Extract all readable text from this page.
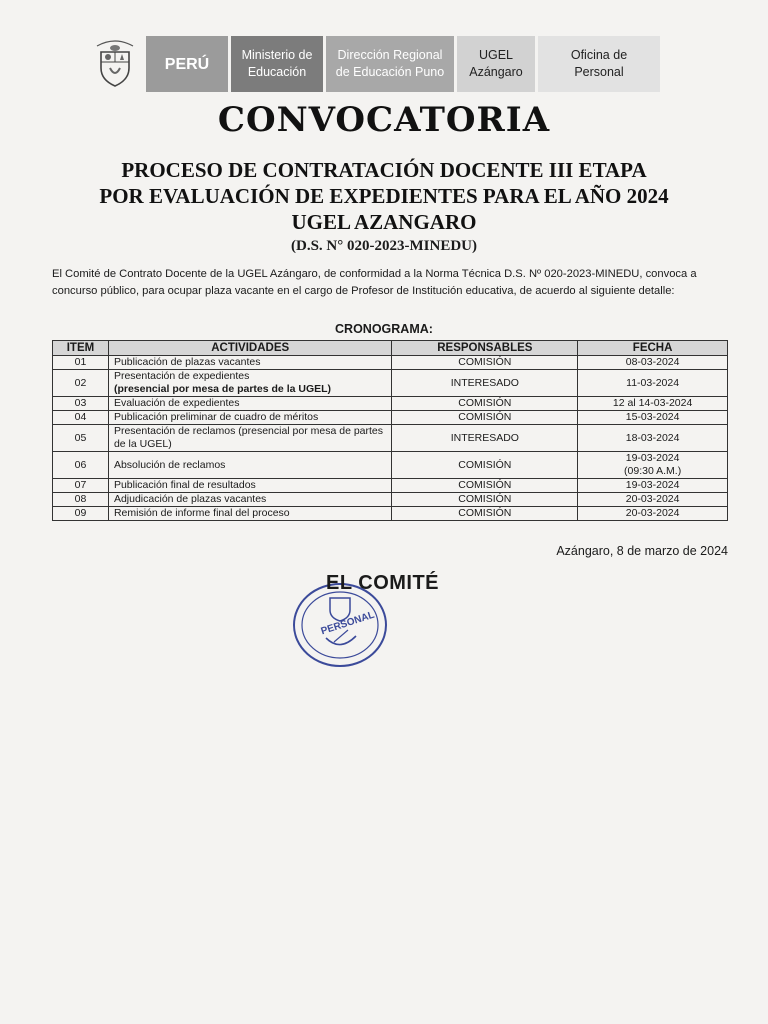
PERÚ
Ministerio de
Educación
Dirección Regional
de Educación Puno
UGEL
Azángaro
Oficina de
Personal
CONVOCATORIA
PROCESO DE CONTRATACIÓN DOCENTE III ETAPA
POR EVALUACIÓN DE EXPEDIENTES PARA EL AÑO 2024
UGEL AZANGARO
(D.S. N° 020-2023-MINEDU)
El Comité de Contrato Docente de la UGEL Azángaro, de conformidad a la Norma Técnica D.S. Nº 020-2023-MINEDU, convoca a concurso público, para ocupar plaza vacante en el cargo de Profesor de Institución educativa, de acuerdo al siguiente detalle:
CRONOGRAMA:
ITEM	ACTIVIDADES	RESPONSABLES	FECHA
01	Publicación de plazas vacantes	COMISIÓN	08-03-2024
02	Presentación de expedientes
(presencial por mesa de partes de la UGEL)	INTERESADO	11-03-2024
03	Evaluación de expedientes	COMISIÓN	12 al 14-03-2024
04	Publicación preliminar de cuadro de méritos	COMISIÓN	15-03-2024
05	Presentación de reclamos (presencial por mesa de partes de la UGEL)	INTERESADO	18-03-2024
06	Absolución de reclamos	COMISIÓN	19-03-2024
(09:30 A.M.)
07	Publicación final de resultados	COMISIÓN	19-03-2024
08	Adjudicación de plazas vacantes	COMISIÓN	20-03-2024
09	Remisión de informe final del proceso	COMISIÓN	20-03-2024
Azángaro, 8 de marzo de 2024
PERSONAL
EL COMITÉ
